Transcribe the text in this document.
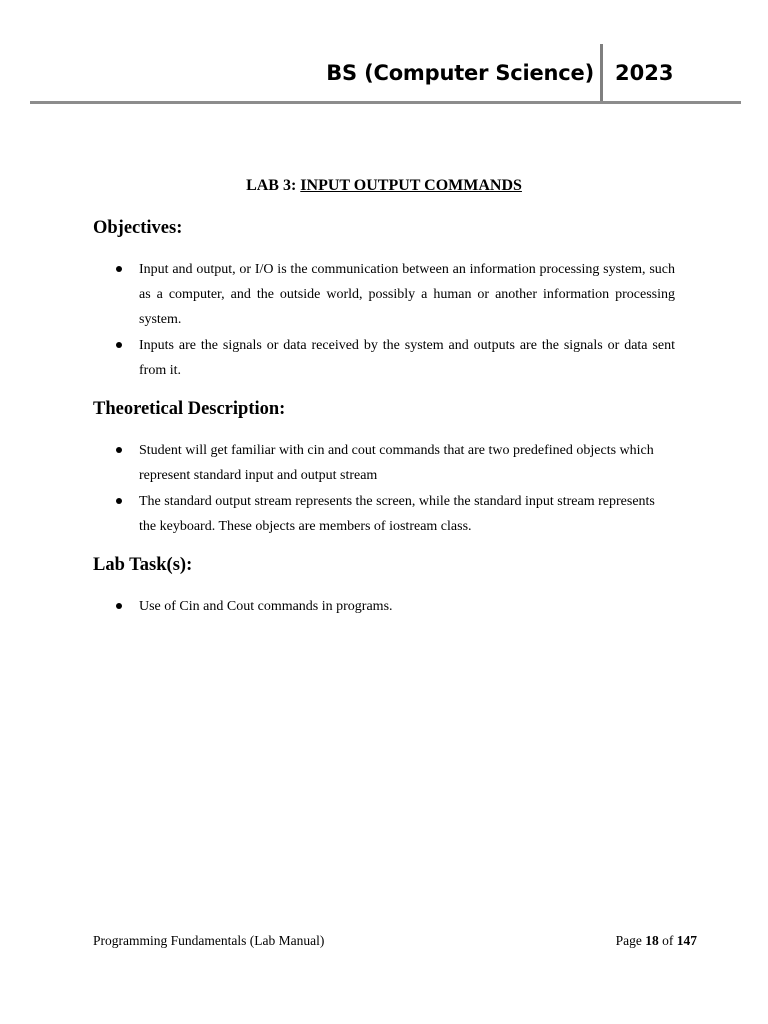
BS (Computer Science) 2023
LAB 3: INPUT OUTPUT COMMANDS
Objectives:
Input and output, or I/O is the communication between an information processing system, such as a computer, and the outside world, possibly a human or another information processing system.
Inputs are the signals or data received by the system and outputs are the signals or data sent from it.
Theoretical Description:
Student will get familiar with cin and cout commands that are two predefined objects which represent standard input and output stream
The standard output stream represents the screen, while the standard input stream represents the keyboard. These objects are members of iostream class.
Lab Task(s):
Use of Cin and Cout commands in programs.
Programming Fundamentals (Lab Manual)	Page 18 of 147
